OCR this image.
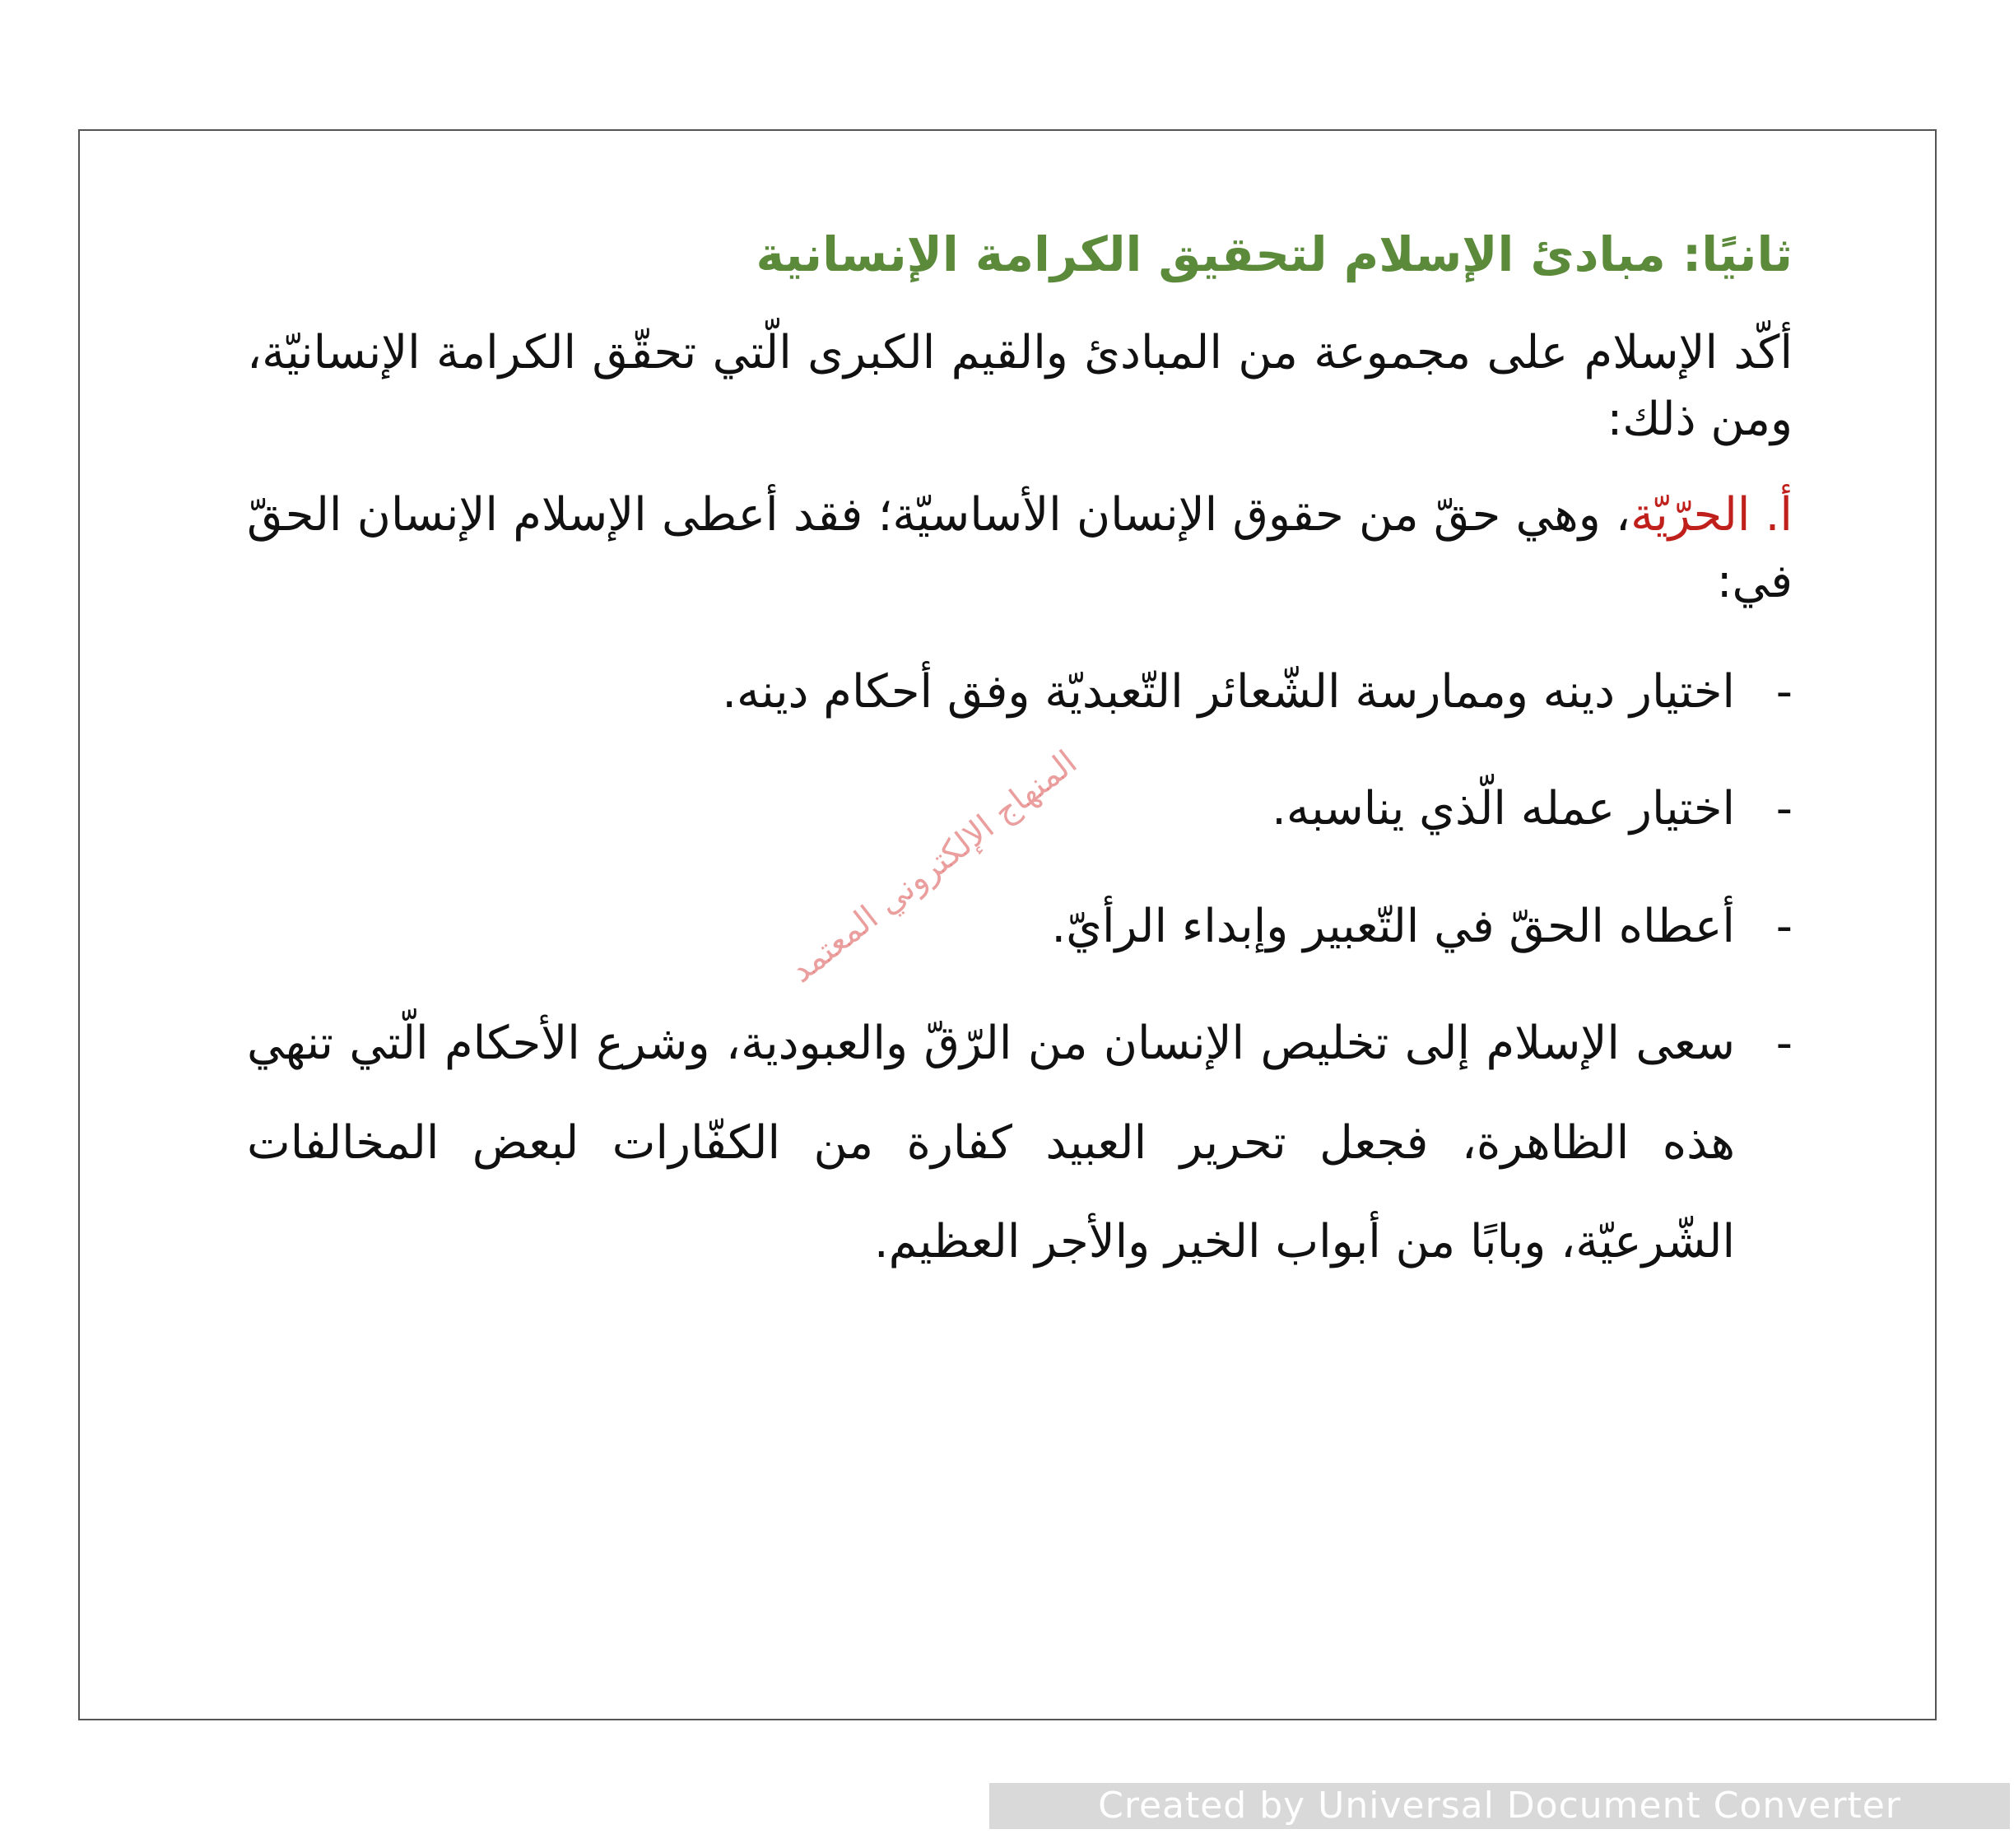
ثانيًا: مبادئ الإسلام لتحقيق الكرامة الإنسانية

أكّد الإسلام على مجموعة من المبادئ والقيم الكبرى الّتي تحقّق الكرامة الإنسانيّة، ومن ذلك:

أ. الحرّيّة، وهي حقّ من حقوق الإنسان الأساسيّة؛ فقد أعطى الإسلام الإنسان الحقّ في:

-
اختيار دينه وممارسة الشّعائر التّعبديّة وفق أحكام دينه.
-
اختيار عمله الّذي يناسبه.
-
أعطاه الحقّ في التّعبير وإبداء الرأيّ.
-
سعى الإسلام إلى تخليص الإنسان من الرّقّ والعبودية، وشرع الأحكام الّتي تنهي هذه الظاهرة، فجعل تحرير العبيد كفارة من الكفّارات لبعض المخالفات الشّرعيّة، وبابًا من أبواب الخير والأجر العظيم.
المنهاج الإلكتروني المعتمد
Created by Universal Document Converter
